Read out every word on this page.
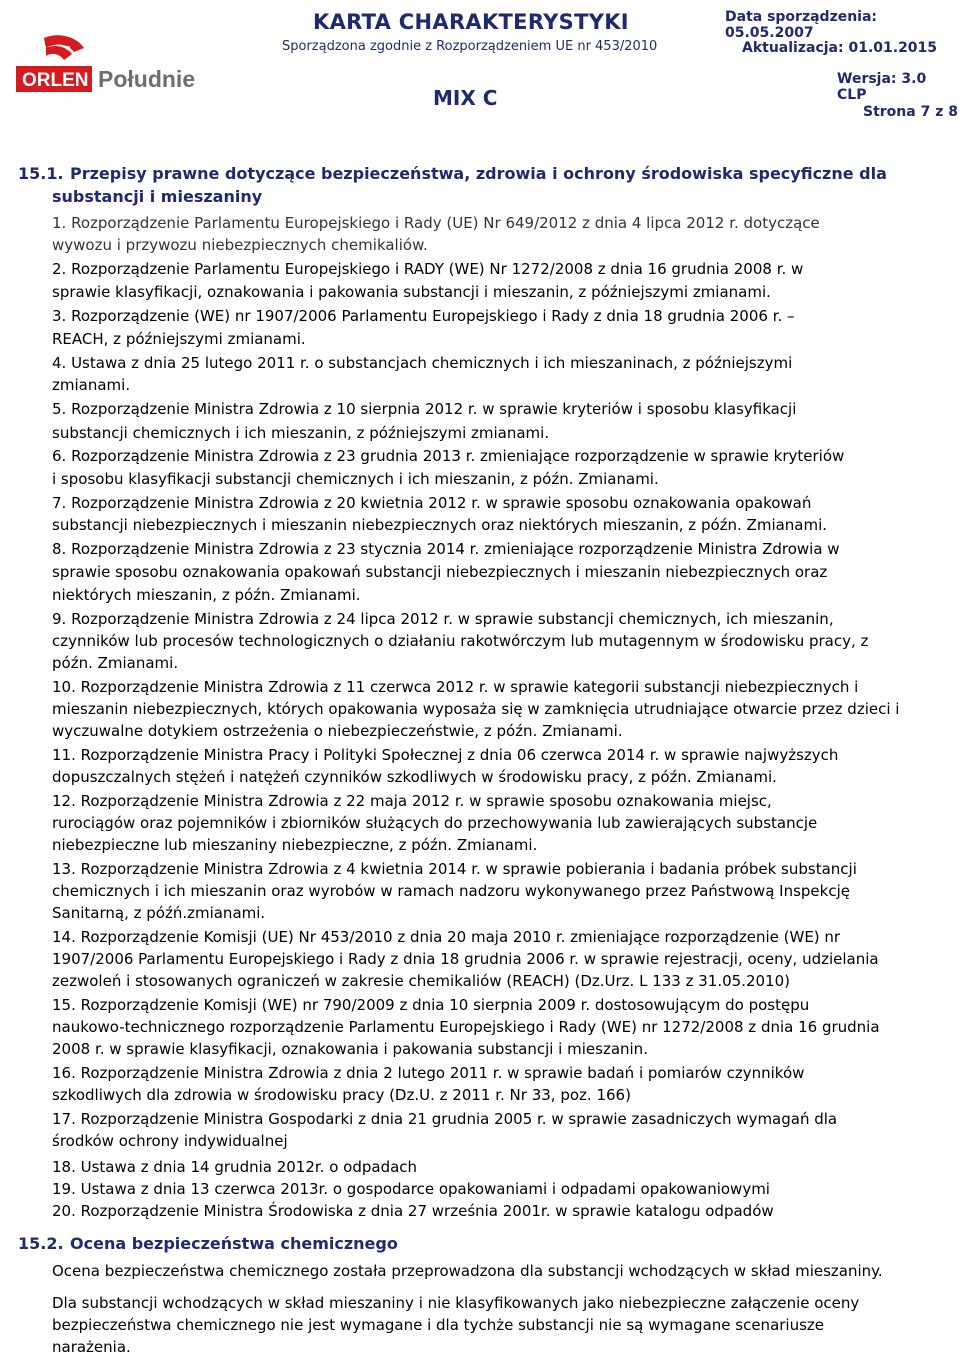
ORLEN Południe
KARTA CHARAKTERYSTYKI
Sporządzona zgodnie z Rozporządzeniem UE nr 453/2010
MIX C
Data sporządzenia: 05.05.2007
Aktualizacja: 01.01.2015
Wersja: 3.0 CLP
Strona 7 z 8
15.1. Przepisy prawne dotyczące bezpieczeństwa, zdrowia i ochrony środowiska specyficzne dla
substancji i mieszaniny
1. Rozporządzenie Parlamentu Europejskiego i Rady (UE) Nr 649/2012 z dnia 4 lipca 2012 r. dotyczące
wywozu i przywozu niebezpiecznych chemikaliów.
2. Rozporządzenie Parlamentu Europejskiego i RADY (WE) Nr 1272/2008 z dnia 16 grudnia 2008 r. w
sprawie klasyfikacji, oznakowania i pakowania substancji i mieszanin, z późniejszymi zmianami.
3. Rozporządzenie (WE) nr 1907/2006 Parlamentu Europejskiego i Rady z dnia 18 grudnia 2006 r. –
REACH, z późniejszymi zmianami.
4. Ustawa z dnia 25 lutego 2011 r. o substancjach chemicznych i ich mieszaninach, z późniejszymi
zmianami.
5. Rozporządzenie Ministra Zdrowia z 10 sierpnia 2012 r. w sprawie kryteriów i sposobu klasyfikacji
substancji chemicznych i ich mieszanin, z późniejszymi zmianami.
6. Rozporządzenie Ministra Zdrowia z 23 grudnia 2013 r. zmieniające rozporządzenie w sprawie kryteriów
i sposobu klasyfikacji substancji chemicznych i ich mieszanin, z późn. Zmianami.
7. Rozporządzenie Ministra Zdrowia z 20 kwietnia 2012 r. w sprawie sposobu oznakowania opakowań
substancji niebezpiecznych i mieszanin niebezpiecznych oraz niektórych mieszanin, z późn. Zmianami.
8. Rozporządzenie Ministra Zdrowia z 23 stycznia 2014 r. zmieniające rozporządzenie Ministra Zdrowia w
sprawie sposobu oznakowania opakowań substancji niebezpiecznych i mieszanin niebezpiecznych oraz
niektórych mieszanin, z późn. Zmianami.
9. Rozporządzenie Ministra Zdrowia z 24 lipca 2012 r. w sprawie substancji chemicznych, ich mieszanin,
czynników lub procesów technologicznych o działaniu rakotwórczym lub mutagennym w środowisku pracy, z
późn. Zmianami.
10. Rozporządzenie Ministra Zdrowia z 11 czerwca 2012 r. w sprawie kategorii substancji niebezpiecznych i
mieszanin niebezpiecznych, których opakowania wyposaża się w zamknięcia utrudniające otwarcie przez dzieci i
wyczuwalne dotykiem ostrzeżenia o niebezpieczeństwie, z późn. Zmianami.
11. Rozporządzenie Ministra Pracy i Polityki Społecznej z dnia 06 czerwca 2014 r. w sprawie najwyższych
dopuszczalnych stężeń i natężeń czynników szkodliwych w środowisku pracy, z późn. Zmianami.
12. Rozporządzenie Ministra Zdrowia z 22 maja 2012 r. w sprawie sposobu oznakowania miejsc,
rurociągów oraz pojemników i zbiorników służących do przechowywania lub zawierających substancje
niebezpieczne lub mieszaniny niebezpieczne, z późn. Zmianami.
13. Rozporządzenie Ministra Zdrowia z 4 kwietnia 2014 r. w sprawie pobierania i badania próbek substancji
chemicznych i ich mieszanin oraz wyrobów w ramach nadzoru wykonywanego przez Państwową Inspekcję
Sanitarną, z późń.zmianami.
14. Rozporządzenie Komisji (UE) Nr 453/2010 z dnia 20 maja 2010 r. zmieniające rozporządzenie (WE) nr
1907/2006 Parlamentu Europejskiego i Rady z dnia 18 grudnia 2006 r. w sprawie rejestracji, oceny, udzielania
zezwoleń i stosowanych ograniczeń w zakresie chemikaliów (REACH) (Dz.Urz. L 133 z 31.05.2010)
15. Rozporządzenie Komisji (WE) nr 790/2009 z dnia 10 sierpnia 2009 r. dostosowującym do postępu
naukowo-technicznego rozporządzenie Parlamentu Europejskiego i Rady (WE) nr 1272/2008 z dnia 16 grudnia
2008 r. w sprawie klasyfikacji, oznakowania i pakowania substancji i mieszanin.
16. Rozporządzenie Ministra Zdrowia z dnia 2 lutego 2011 r. w sprawie badań i pomiarów czynników
szkodliwych dla zdrowia w środowisku pracy (Dz.U. z 2011 r. Nr 33, poz. 166)
17. Rozporządzenie Ministra Gospodarki z dnia 21 grudnia 2005 r. w sprawie zasadniczych wymagań dla
środków ochrony indywidualnej
18. Ustawa z dnia 14 grudnia 2012r. o odpadach
19. Ustawa z dnia 13 czerwca 2013r. o gospodarce opakowaniami i odpadami opakowaniowymi
20. Rozporządzenie Ministra Środowiska z dnia 27 września 2001r. w sprawie katalogu odpadów
15.2. Ocena bezpieczeństwa chemicznego
Ocena bezpieczeństwa chemicznego została przeprowadzona dla substancji wchodzących w skład mieszaniny.
Dla substancji wchodzących w skład mieszaniny i nie klasyfikowanych jako niebezpieczne załączenie oceny
bezpieczeństwa chemicznego nie jest wymagane i dla tychże substancji nie są wymagane scenariusze
narażenia.
